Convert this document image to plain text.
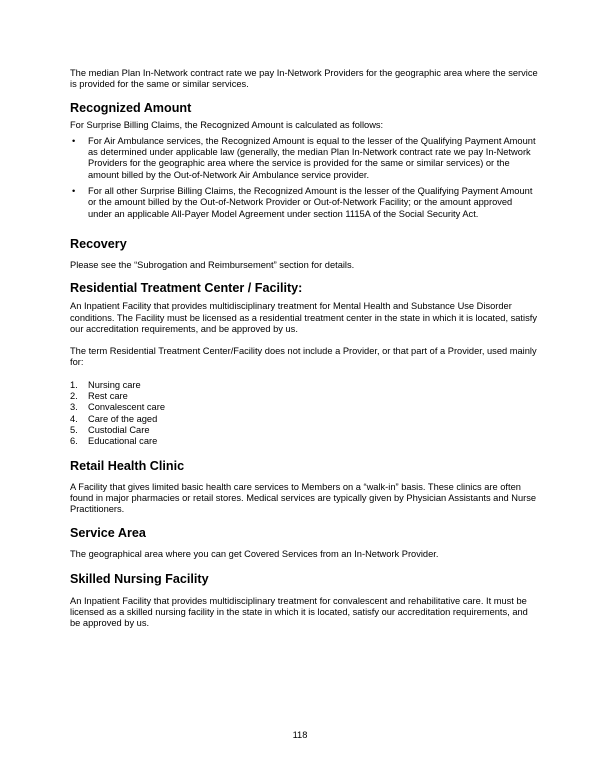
The median Plan In-Network contract rate we pay In-Network Providers for the geographic area where the service is provided for the same or similar services.

Recognized Amount

For Surprise Billing Claims, the Recognized Amount is calculated as follows:

• For Air Ambulance services, the Recognized Amount is equal to the lesser of the Qualifying Payment Amount as determined under applicable law (generally, the median Plan In-Network contract rate we pay In-Network Providers for the geographic area where the service is provided for the same or similar services) or the amount billed by the Out-of-Network Air Ambulance service provider.
• For all other Surprise Billing Claims, the Recognized Amount is the lesser of the Qualifying Payment Amount or the amount billed by the Out-of-Network Provider or Out-of-Network Facility; or the amount approved under an applicable All-Payer Model Agreement under section 1115A of the Social Security Act.
Recovery

Please see the “Subrogation and Reimbursement” section for details.

Residential Treatment Center / Facility:

An Inpatient Facility that provides multidisciplinary treatment for Mental Health and Substance Use Disorder conditions. The Facility must be licensed as a residential treatment center in the state in which it is located, satisfy our accreditation requirements, and be approved by us.

The term Residential Treatment Center/Facility does not include a Provider, or that part of a Provider, used mainly for:

1.	Nursing care
2.	Rest care
3.	Convalescent care
4.	Care of the aged
5.	Custodial Care
6.	Educational care
Retail Health Clinic

A Facility that gives limited basic health care services to Members on a “walk-in” basis. These clinics are often found in major pharmacies or retail stores. Medical services are typically given by Physician Assistants and Nurse Practitioners.

Service Area

The geographical area where you can get Covered Services from an In-Network Provider.

Skilled Nursing Facility

An Inpatient Facility that provides multidisciplinary treatment for convalescent and rehabilitative care. It must be licensed as a skilled nursing facility in the state in which it is located, satisfy our accreditation requirements, and be approved by us.

118
